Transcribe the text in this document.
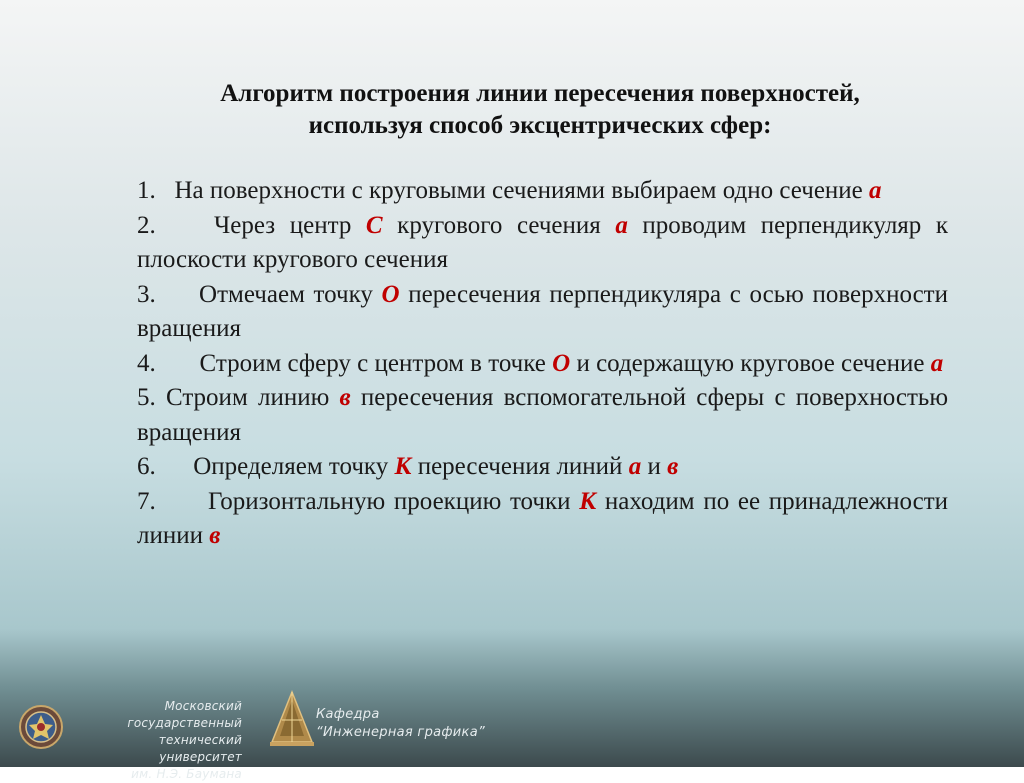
Алгоритм построения линии пересечения поверхностей,
используя способ эксцентрических сфер:
1. На поверхности с круговыми сечениями выбираем одно сечение а
2. Через центр С кругового сечения а проводим перпендикуляр к плоскости кругового сечения
3. Отмечаем точку О пересечения перпендикуляра с осью поверхности вращения
4. Строим сферу с центром в точке О и содержащую круговое сечение а
5. Строим линию в пересечения вспомогательной сферы с поверхностью вращения
6. Определяем точку К пересечения линий а и в
7. Горизонтальную проекцию точки К находим по ее принадлежности линии в
Московский государственный
технический университет
им. Н.Э. Баумана
Кафедра
“Инженерная графика”
